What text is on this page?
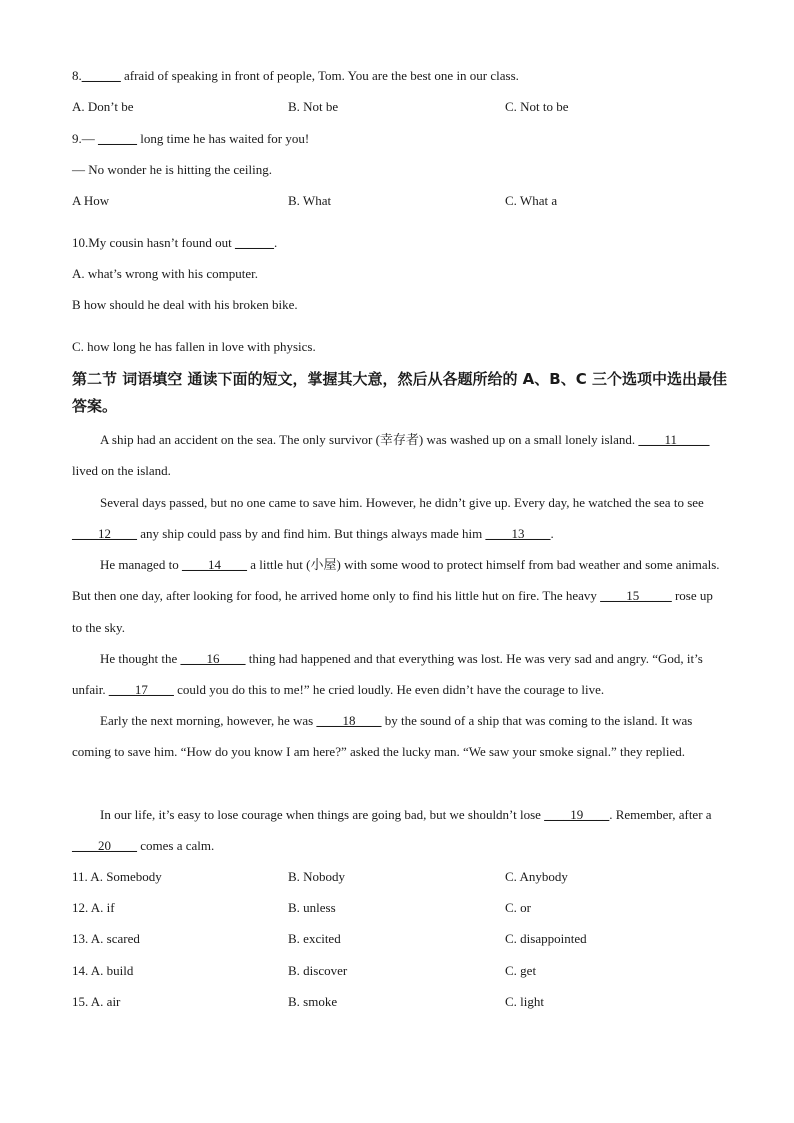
8.______ afraid of speaking in front of people, Tom. You are the best one in our class.
A. Don’t be	B. Not be	C. Not to be
9.— ______ long time he has waited for you!
— No wonder he is hitting the ceiling.
A How	B. What	C. What a
10.My cousin hasn’t found out ______.
A. what’s wrong with his computer.
B how should he deal with his broken bike.
C. how long he has fallen in love with physics.
第二节 词语填空 通读下面的短文，掌握其大意，然后从各题所给的 A、B、C 三个选项中选出最佳答案。
A ship had an accident on the sea. The only survivor (幸存者) was washed up on a small lonely island. ____11_____ lived on the island.
Several days passed, but no one came to save him. However, he didn’t give up. Every day, he watched the sea to see ____12____ any ship could pass by and find him. But things always made him ____13____.
He managed to ____14____ a little hut (小屋) with some wood to protect himself from bad weather and some animals. But then one day, after looking for food, he arrived home only to find his little hut on fire. The heavy ____15_____ rose up to the sky.
He thought the ____16____ thing had happened and that everything was lost. He was very sad and angry. “God, it’s unfair. ____17____ could you do this to me!” he cried loudly. He even didn’t have the courage to live.
Early the next morning, however, he was ____18____ by the sound of a ship that was coming to the island. It was coming to save him. “How do you know I am here?” asked the lucky man. “We saw your smoke signal.” they replied.
In our life, it’s easy to lose courage when things are going bad, but we shouldn’t lose ____19____. Remember, after a ____20____ comes a calm.
11. A. Somebody	B. Nobody	C. Anybody
12. A. if	B. unless	C. or
13. A. scared	B. excited	C. disappointed
14. A. build	B. discover	C. get
15. A. air	B. smoke	C. light
